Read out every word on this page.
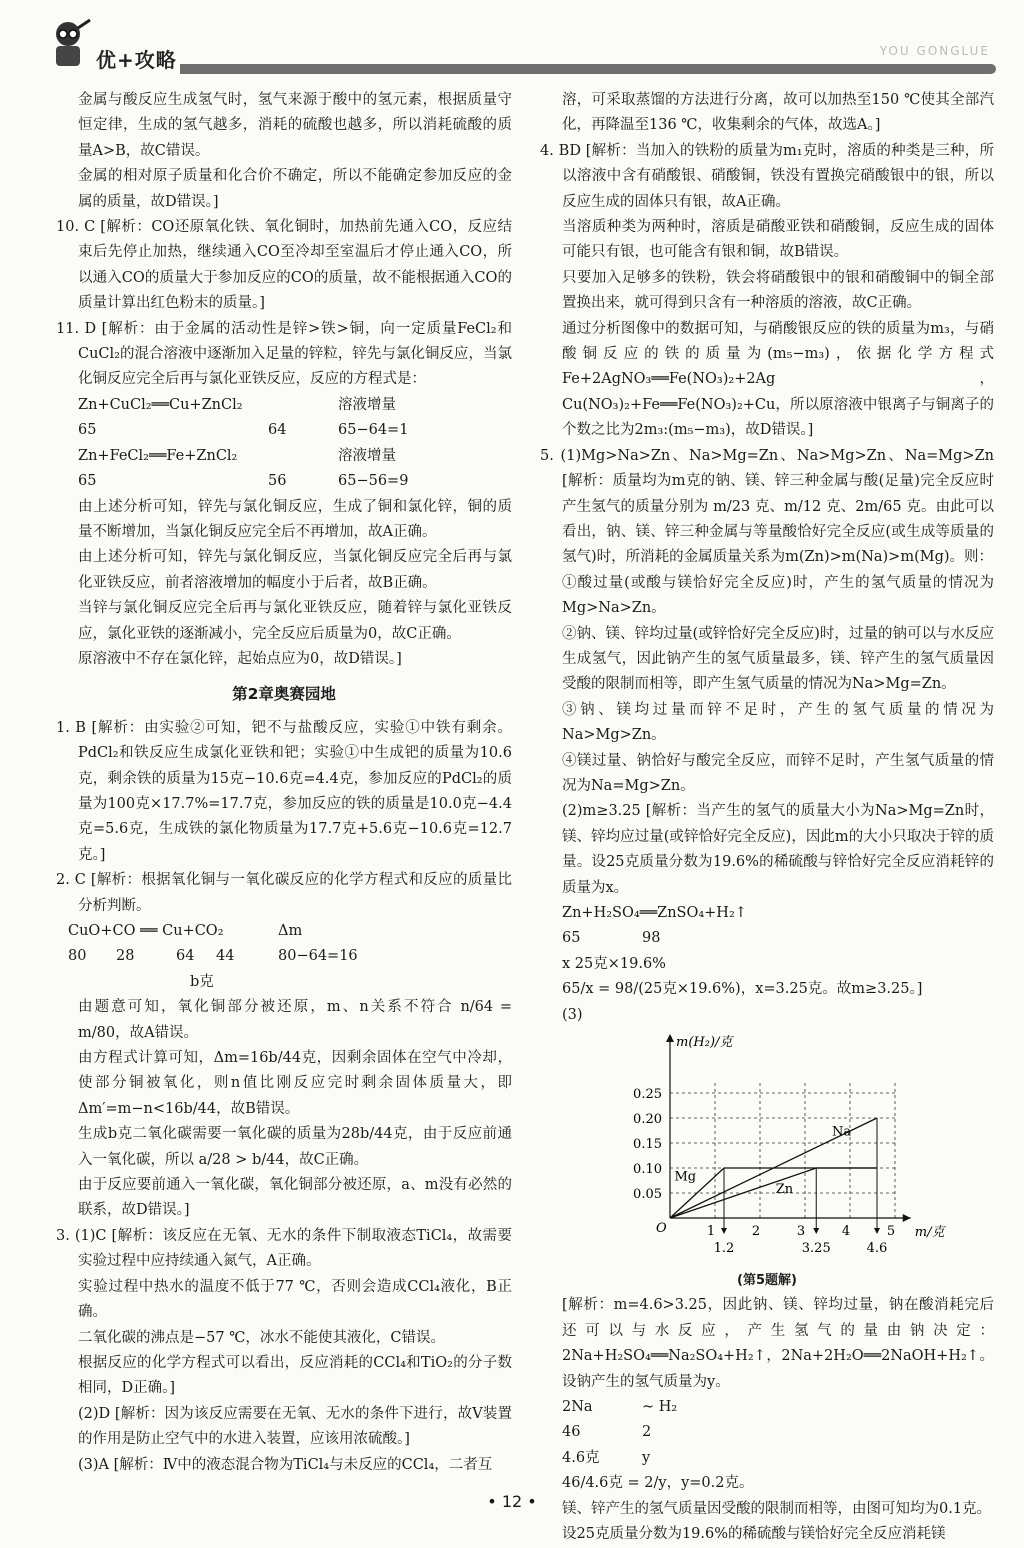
优+攻略	YOU GONGLUE

金属与酸反应生成氢气时，氢气来源于酸中的氢元素，根据质量守恒定律，生成的氢气越多，消耗的硫酸也越多，所以消耗硫酸的质量A>B，故C错误。

金属的相对原子质量和化合价不确定，所以不能确定参加反应的金属的质量，故D错误。]

10. C [解析：CO还原氧化铁、氧化铜时，加热前先通入CO，反应结束后先停止加热，继续通入CO至冷却至室温后才停止通入CO，所以通入CO的质量大于参加反应的CO的质量，故不能根据通入CO的质量计算出红色粉末的质量。]

11. D [解析：由于金属的活动性是锌>铁>铜，向一定质量FeCl₂和CuCl₂的混合溶液中逐渐加入足量的锌粒，锌先与氯化铜反应，当氯化铜反应完全后再与氯化亚铁反应，反应的方程式是：

Zn+CuCl₂══Cu+ZnCl₂	溶液增量
65	64	65−64=1
Zn+FeCl₂══Fe+ZnCl₂	溶液增量
65	56	65−56=9

由上述分析可知，锌先与氯化铜反应，生成了铜和氯化锌，铜的质量不断增加，当氯化铜反应完全后不再增加，故A正确。

由上述分析可知，锌先与氯化铜反应，当氯化铜反应完全后再与氯化亚铁反应，前者溶液增加的幅度小于后者，故B正确。

当锌与氯化铜反应完全后再与氯化亚铁反应，随着锌与氯化亚铁反应，氯化亚铁的逐渐减小，完全反应后质量为0，故C正确。

原溶液中不存在氯化锌，起始点应为0，故D错误。]

第2章奥赛园地

1. B [解析：由实验②可知，钯不与盐酸反应，实验①中铁有剩余。PdCl₂和铁反应生成氯化亚铁和钯；实验①中生成钯的质量为10.6克，剩余铁的质量为15克−10.6克=4.4克，参加反应的PdCl₂的质量为100克×17.7%=17.7克，参加反应的铁的质量是10.0克−4.4克=5.6克，生成铁的氯化物质量为17.7克+5.6克−10.6克=12.7克。]

2. C [解析：根据氧化铜与一氧化碳反应的化学方程式和反应的质量比分析判断。

CuO+CO ══ Cu+CO₂	Δm
80	28	64	44	80−64=16

b克

由题意可知，氧化铜部分被还原，m、n关系不符合 n/64 = m/80，故A错误。

由方程式计算可知，Δm=16b/44克，因剩余固体在空气中冷却，使部分铜被氧化，则n值比刚反应完时剩余固体质量大，即Δm′=m−n<16b/44，故B错误。

生成b克二氧化碳需要一氧化碳的质量为28b/44克，由于反应前通入一氧化碳，所以 a/28 > b/44，故C正确。

由于反应要前通入一氧化碳，氧化铜部分被还原，a、m没有必然的联系，故D错误。]

3. (1)C [解析：该反应在无氧、无水的条件下制取液态TiCl₄，故需要实验过程中应持续通入氮气，A正确。

实验过程中热水的温度不低于77 ℃，否则会造成CCl₄液化，B正确。

二氧化碳的沸点是−57 ℃，冰水不能使其液化，C错误。

根据反应的化学方程式可以看出，反应消耗的CCl₄和TiO₂的分子数相同，D正确。]

(2)D [解析：因为该反应需要在无氧、无水的条件下进行，故V装置的作用是防止空气中的水进入装置，应该用浓硫酸。]

(3)A [解析：Ⅳ中的液态混合物为TiCl₄与未反应的CCl₄，二者互

溶，可采取蒸馏的方法进行分离，故可以加热至150 ℃使其全部汽化，再降温至136 ℃，收集剩余的气体，故选A。]

4. BD [解析：当加入的铁粉的质量为m₁克时，溶质的种类是三种，所以溶液中含有硝酸银、硝酸铜，铁没有置换完硝酸银中的银，所以反应生成的固体只有银，故A正确。

当溶质种类为两种时，溶质是硝酸亚铁和硝酸铜，反应生成的固体可能只有银，也可能含有银和铜，故B错误。

只要加入足够多的铁粉，铁会将硝酸银中的银和硝酸铜中的铜全部置换出来，就可得到只含有一种溶质的溶液，故C正确。

通过分析图像中的数据可知，与硝酸银反应的铁的质量为m₃，与硝酸铜反应的铁的质量为(m₅−m₃)，依据化学方程式Fe+2AgNO₃══Fe(NO₃)₂+2Ag，Cu(NO₃)₂+Fe══Fe(NO₃)₂+Cu，所以原溶液中银离子与铜离子的个数之比为2m₃:(m₅−m₃)，故D错误。]

5. (1)Mg>Na>Zn、Na>Mg=Zn、Na>Mg>Zn、Na=Mg>Zn [解析：质量均为m克的钠、镁、锌三种金属与酸(足量)完全反应时产生氢气的质量分别为 m/23 克、m/12 克、2m/65 克。由此可以看出，钠、镁、锌三种金属与等量酸恰好完全反应(或生成等质量的氢气)时，所消耗的金属质量关系为m(Zn)>m(Na)>m(Mg)。则：

①酸过量(或酸与镁恰好完全反应)时，产生的氢气质量的情况为Mg>Na>Zn。

②钠、镁、锌均过量(或锌恰好完全反应)时，过量的钠可以与水反应生成氢气，因此钠产生的氢气质量最多，镁、锌产生的氢气质量因受酸的限制而相等，即产生氢气质量的情况为Na>Mg=Zn。

③钠、镁均过量而锌不足时，产生的氢气质量的情况为Na>Mg>Zn。

④镁过量、钠恰好与酸完全反应，而锌不足时，产生氢气质量的情况为Na=Mg>Zn。

(2)m≥3.25 [解析：当产生的氢气的质量大小为Na>Mg=Zn时，镁、锌均应过量(或锌恰好完全反应)，因此m的大小只取决于锌的质量。设25克质量分数为19.6%的稀硫酸与锌恰好完全反应消耗锌的质量为x。

Zn+H₂SO₄══ZnSO₄+H₂↑

65	98

x 25克×19.6%

65/x = 98/(25克×19.6%)，x=3.25克。故m≥3.25。]

(3)

0.05
0.10
0.15
0.20
0.25
1	2	3	4	5
m(H₂)/克
m/克
O
1.2	3.25	4.6
Na
Mg
Zn
(第5题解)

[解析：m=4.6>3.25，因此钠、镁、锌均过量，钠在酸消耗完后还可以与水反应，产生氢气的量由钠决定：2Na+H₂SO₄══Na₂SO₄+H₂↑，2Na+2H₂O══2NaOH+H₂↑。设钠产生的氢气质量为y。

2Na	~ H₂
46	2
4.6克	y

46/4.6克 = 2/y，y=0.2克。

镁、锌产生的氢气质量因受酸的限制而相等，由图可知均为0.1克。

设25克质量分数为19.6%的稀硫酸与镁恰好完全反应消耗镁

• 12 •
